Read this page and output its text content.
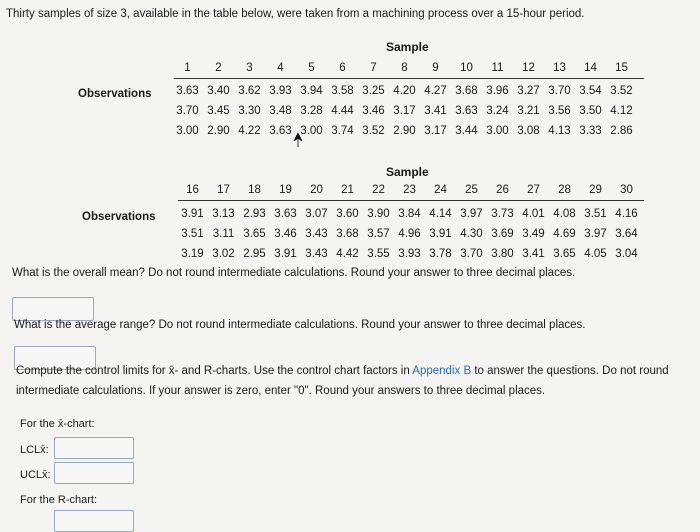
Thirty samples of size 3, available in the table below, were taken from a machining process over a 15-hour period.
Sample
1	2	3	4	5	6	7	8	9	10	11	12	13	14	15
Observations	3.63 3.40 3.62 3.93 3.94 3.58 3.25 4.20 4.27 3.68 3.96 3.27 3.70 3.54 3.52
3.70 3.45 3.30 3.48 3.28 4.44 3.46 3.17 3.41 3.63 3.24 3.21 3.56 3.50 4.12
3.00 2.90 4.22 3.63 3.00 3.74 3.52 2.90 3.17 3.44 3.00 3.08 4.13 3.33 2.86
Sample
16	17	18	19	20	21	22	23	24	25	26	27	28	29	30
Observations	3.91 3.13 2.93 3.63 3.07 3.60 3.90 3.84 4.14 3.97 3.73 4.01 4.08 3.51 4.16
3.51 3.11 3.65 3.46 3.43 3.68 3.57 4.96 3.91 4.30 3.69 3.49 4.69 3.97 3.64
3.19 3.02 2.95 3.91 3.43 4.42 3.55 3.93 3.78 3.70 3.80 3.41 3.65 4.05 3.04
What is the overall mean? Do not round intermediate calculations. Round your answer to three decimal places.
What is the average range? Do not round intermediate calculations. Round your answer to three decimal places.
Compute the control limits for x̄- and R-charts. Use the control chart factors in Appendix B to answer the questions. Do not round
intermediate calculations. If your answer is zero, enter "0". Round your answers to three decimal places.
For the x̄-chart:
LCLx̄:
UCLx̄:
For the R-chart:
